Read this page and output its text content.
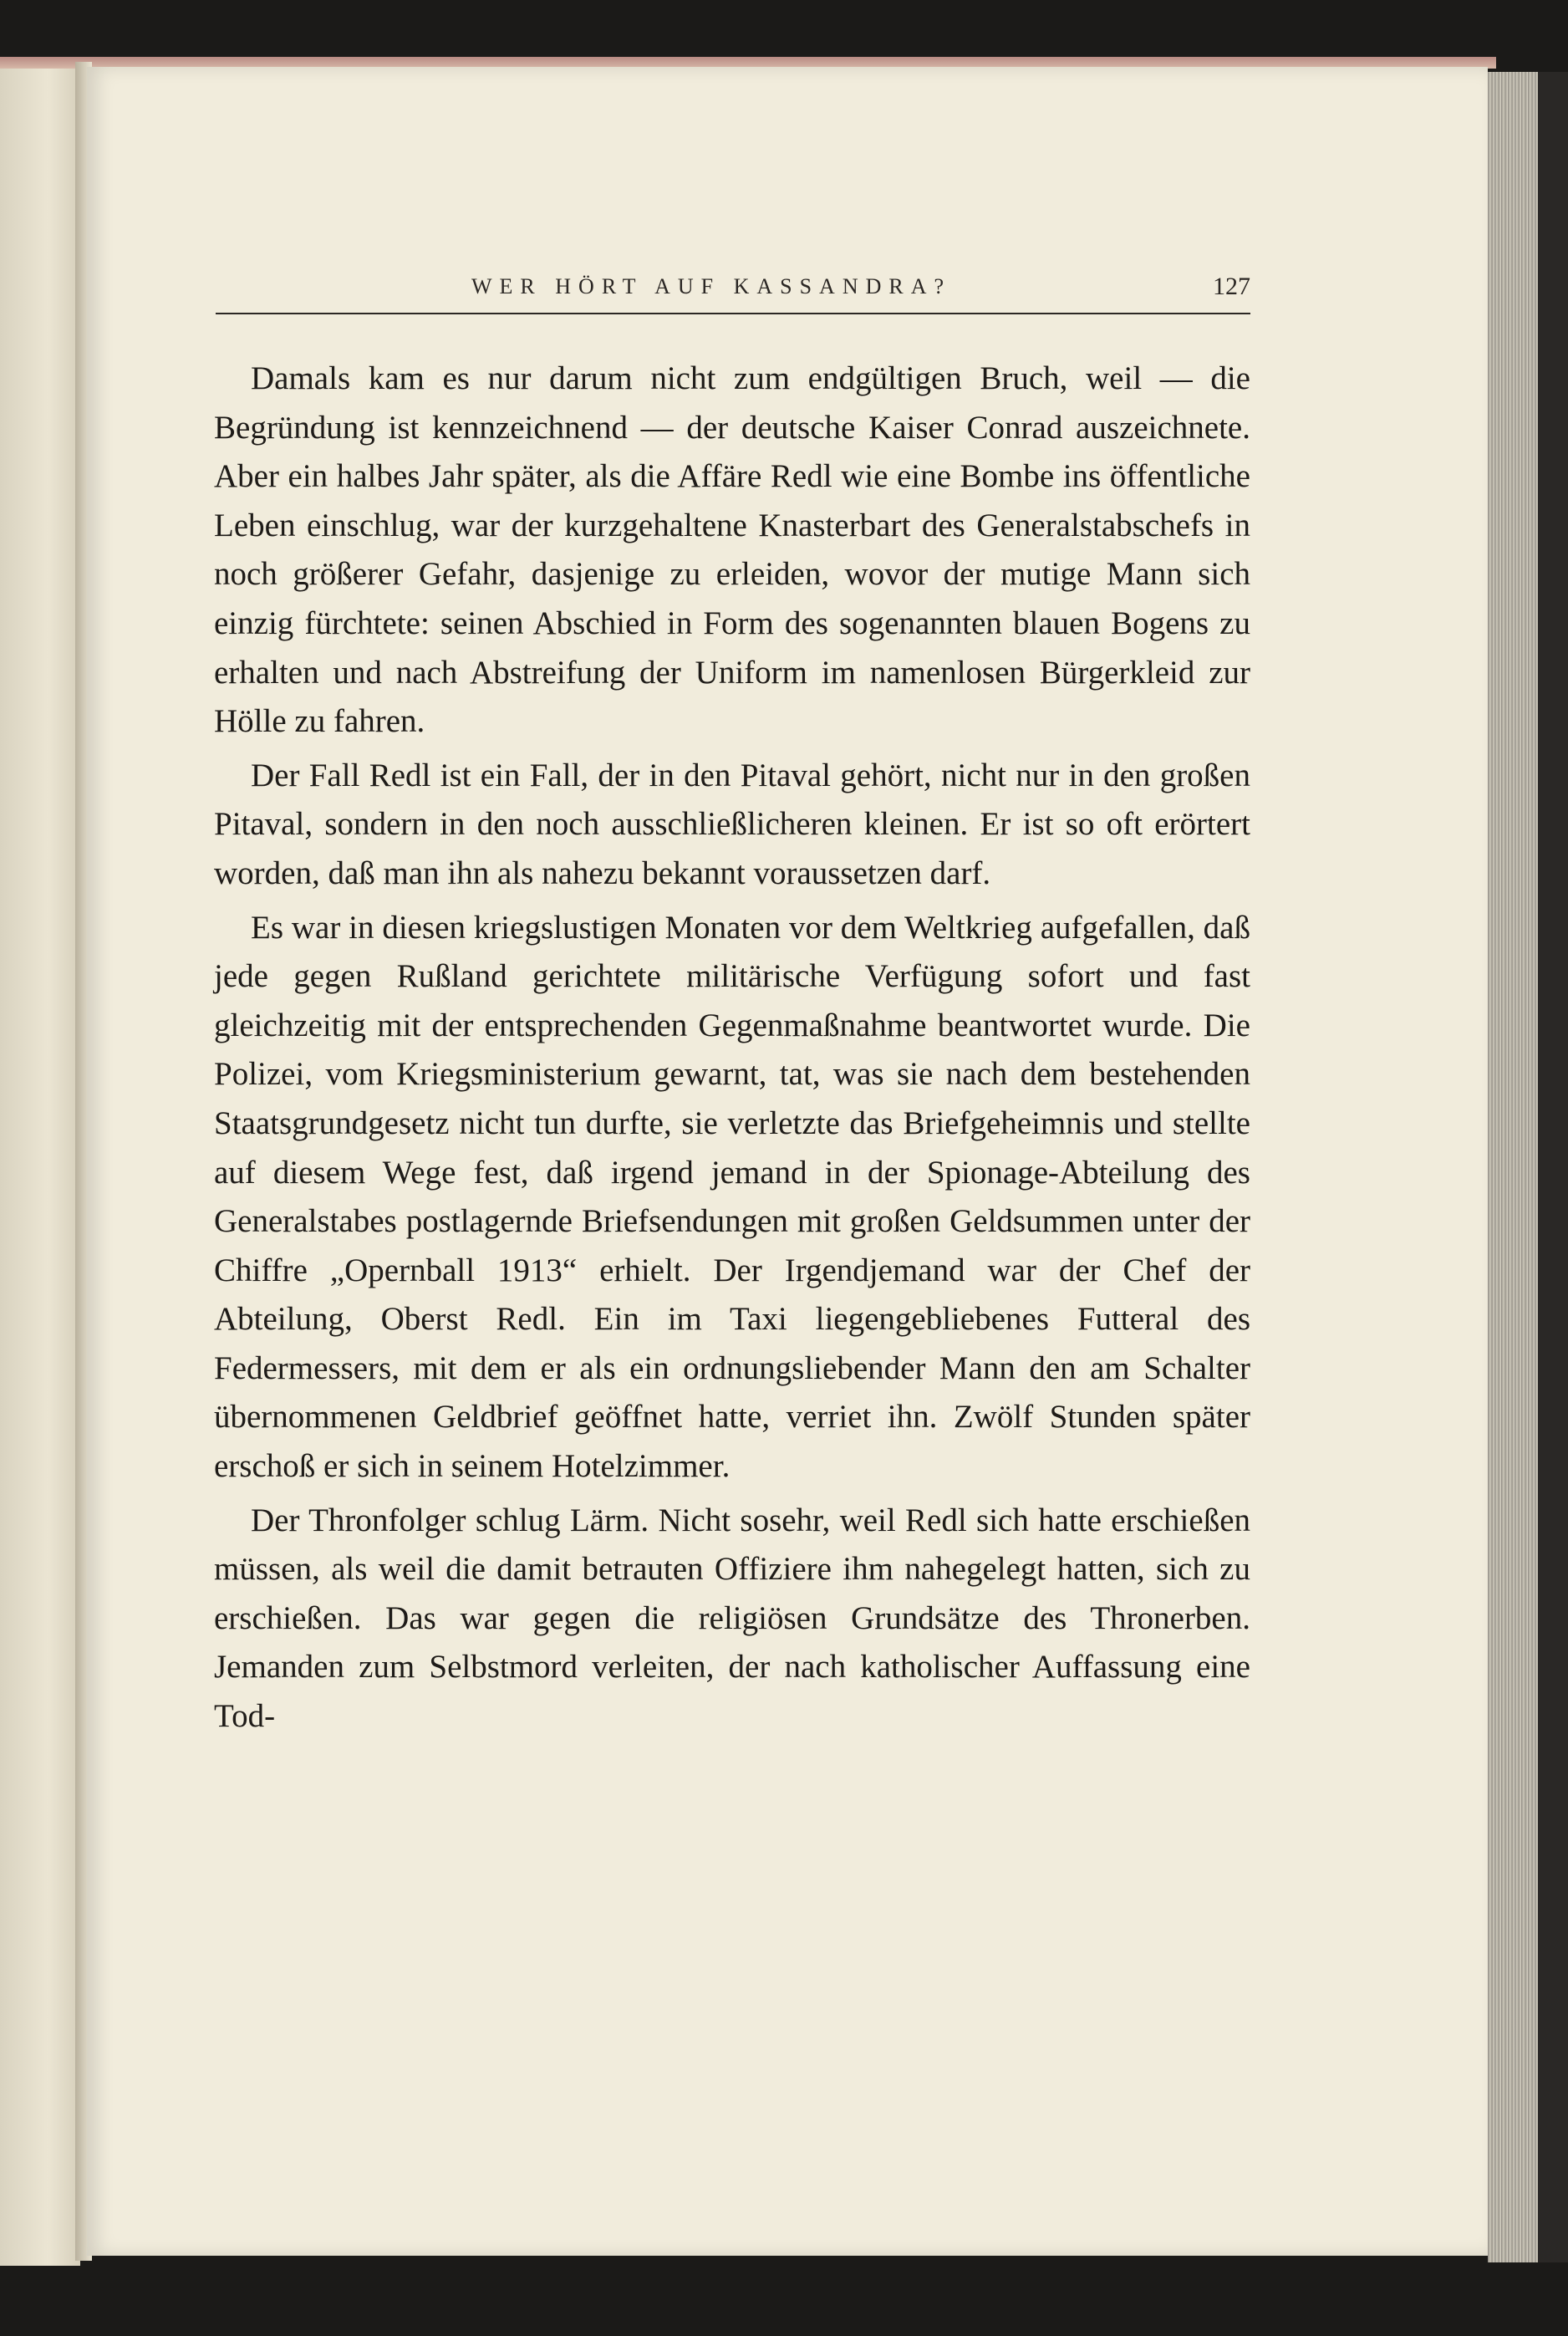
WER HÖRT AUF KASSANDRA?	127

Damals kam es nur darum nicht zum endgültigen Bruch, weil — die Begründung ist kennzeichnend — der deutsche Kaiser Conrad auszeichnete. Aber ein halbes Jahr später, als die Affäre Redl wie eine Bombe ins öffentliche Leben einschlug, war der kurzgehaltene Knasterbart des Generalstabschefs in noch größerer Gefahr, dasjenige zu erleiden, wovor der mutige Mann sich einzig fürchtete: seinen Abschied in Form des sogenannten blauen Bogens zu erhalten und nach Abstreifung der Uniform im namenlosen Bürgerkleid zur Hölle zu fahren.

Der Fall Redl ist ein Fall, der in den Pitaval gehört, nicht nur in den großen Pitaval, sondern in den noch ausschließlicheren kleinen. Er ist so oft erörtert worden, daß man ihn als nahezu bekannt voraussetzen darf.

Es war in diesen kriegslustigen Monaten vor dem Weltkrieg aufgefallen, daß jede gegen Rußland gerichtete militärische Verfügung sofort und fast gleichzeitig mit der entsprechenden Gegenmaßnahme beantwortet wurde. Die Polizei, vom Kriegsministerium gewarnt, tat, was sie nach dem bestehenden Staatsgrundgesetz nicht tun durfte, sie verletzte das Briefgeheimnis und stellte auf diesem Wege fest, daß irgend jemand in der Spionage-Abteilung des Generalstabes postlagernde Briefsendungen mit großen Geldsummen unter der Chiffre „Opernball 1913“ erhielt. Der Irgendjemand war der Chef der Abteilung, Oberst Redl. Ein im Taxi liegengebliebenes Futteral des Federmessers, mit dem er als ein ordnungsliebender Mann den am Schalter übernommenen Geldbrief geöffnet hatte, verriet ihn. Zwölf Stunden später erschoß er sich in seinem Hotelzimmer.

Der Thronfolger schlug Lärm. Nicht sosehr, weil Redl sich hatte erschießen müssen, als weil die damit betrauten Offiziere ihm nahegelegt hatten, sich zu erschießen. Das war gegen die religiösen Grundsätze des Thronerben. Jemanden zum Selbstmord verleiten, der nach katholischer Auffassung eine Tod-
